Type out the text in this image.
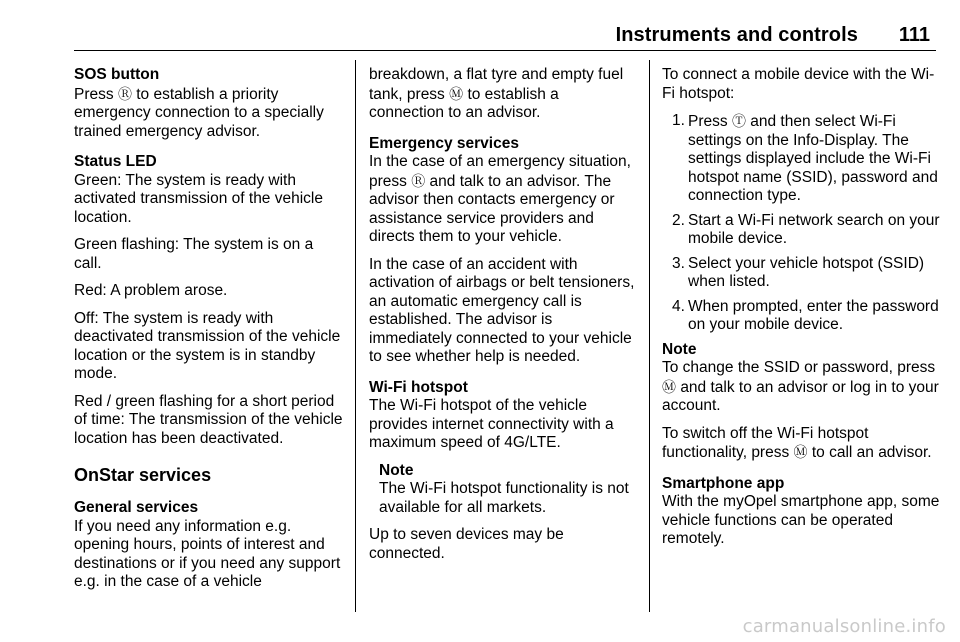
Instruments and controls 111

SOS button

Press Ⓡ to establish a priority emergency connection to a specially trained emergency advisor.

Status LED

Green: The system is ready with activated transmission of the vehicle location.

Green flashing: The system is on a call.

Red: A problem arose.

Off: The system is ready with deactivated transmission of the vehicle location or the system is in standby mode.

Red / green flashing for a short period of time: The transmission of the vehicle location has been deactivated.

OnStar services

General services

If you need any information e.g. opening hours, points of interest and destinations or if you need any support e.g. in the case of a vehicle

breakdown, a flat tyre and empty fuel tank, press Ⓜ to establish a connection to an advisor.

Emergency services

In the case of an emergency situation, press Ⓡ and talk to an advisor. The advisor then contacts emergency or assistance service providers and directs them to your vehicle.

In the case of an accident with activation of airbags or belt tensioners, an automatic emergency call is established. The advisor is immediately connected to your vehicle to see whether help is needed.

Wi-Fi hotspot

The Wi-Fi hotspot of the vehicle provides internet connectivity with a maximum speed of 4G/LTE.

Note
The Wi-Fi hotspot functionality is not available for all markets.

Up to seven devices may be connected.

To connect a mobile device with the Wi-Fi hotspot:

1. Press Ⓣ and then select Wi-Fi settings on the Info-Display. The settings displayed include the Wi-Fi hotspot name (SSID), password and connection type.
2. Start a Wi-Fi network search on your mobile device.
3. Select your vehicle hotspot (SSID) when listed.
4. When prompted, enter the password on your mobile device.
Note
To change the SSID or password, press Ⓜ and talk to an advisor or log in to your account.

To switch off the Wi-Fi hotspot functionality, press Ⓜ to call an advisor.

Smartphone app

With the myOpel smartphone app, some vehicle functions can be operated remotely.

carmanualsonline.info
